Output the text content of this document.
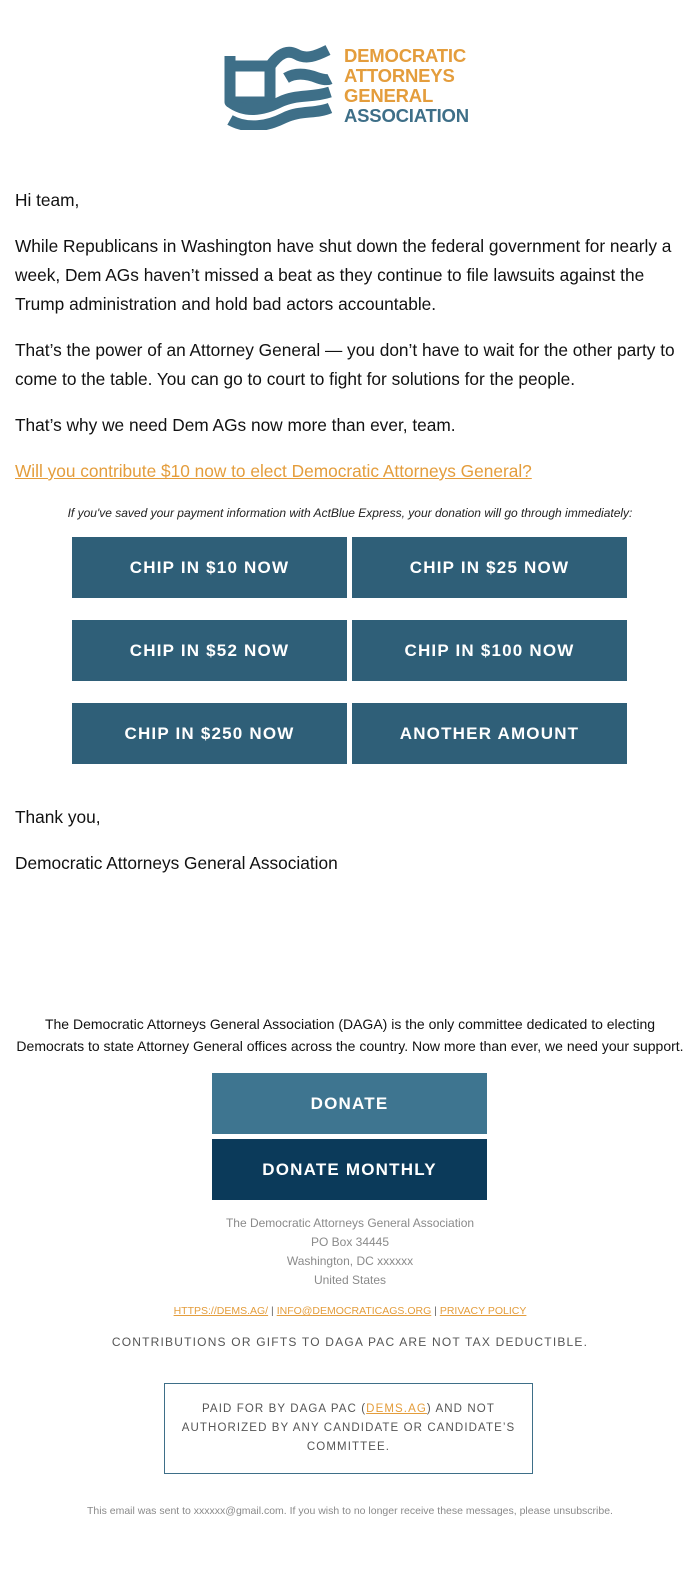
DEMOCRATIC
ATTORNEYS
GENERAL
ASSOCIATION

Hi team,

While Republicans in Washington have shut down the federal government for nearly a week, Dem AGs haven’t missed a beat as they continue to file lawsuits against the Trump administration and hold bad actors accountable.

That’s the power of an Attorney General — you don’t have to wait for the other party to come to the table. You can go to court to fight for solutions for the people.

That’s why we need Dem AGs now more than ever, team.

Will you contribute $10 now to elect Democratic Attorneys General?

If you've saved your payment information with ActBlue Express, your donation will go through immediately:
CHIP IN $10 NOW	CHIP IN $25 NOW
CHIP IN $52 NOW	CHIP IN $100 NOW
CHIP IN $250 NOW	ANOTHER AMOUNT

Thank you,

Democratic Attorneys General Association

The Democratic Attorneys General Association (DAGA) is the only committee dedicated to electing Democrats to state Attorney General offices across the country. Now more than ever, we need your support.
DONATE
DONATE MONTHLY
The Democratic Attorneys General Association
PO Box 34445
Washington, DC xxxxxx
United States
HTTPS://DEMS.AG/ | INFO@DEMOCRATICAGS.ORG | PRIVACY POLICY
CONTRIBUTIONS OR GIFTS TO DAGA PAC ARE NOT TAX DEDUCTIBLE.
PAID FOR BY DAGA PAC (DEMS.AG) AND NOT AUTHORIZED BY ANY CANDIDATE OR CANDIDATE’S COMMITTEE.
This email was sent to xxxxxx@gmail.com. If you wish to no longer receive these messages, please unsubscribe.
